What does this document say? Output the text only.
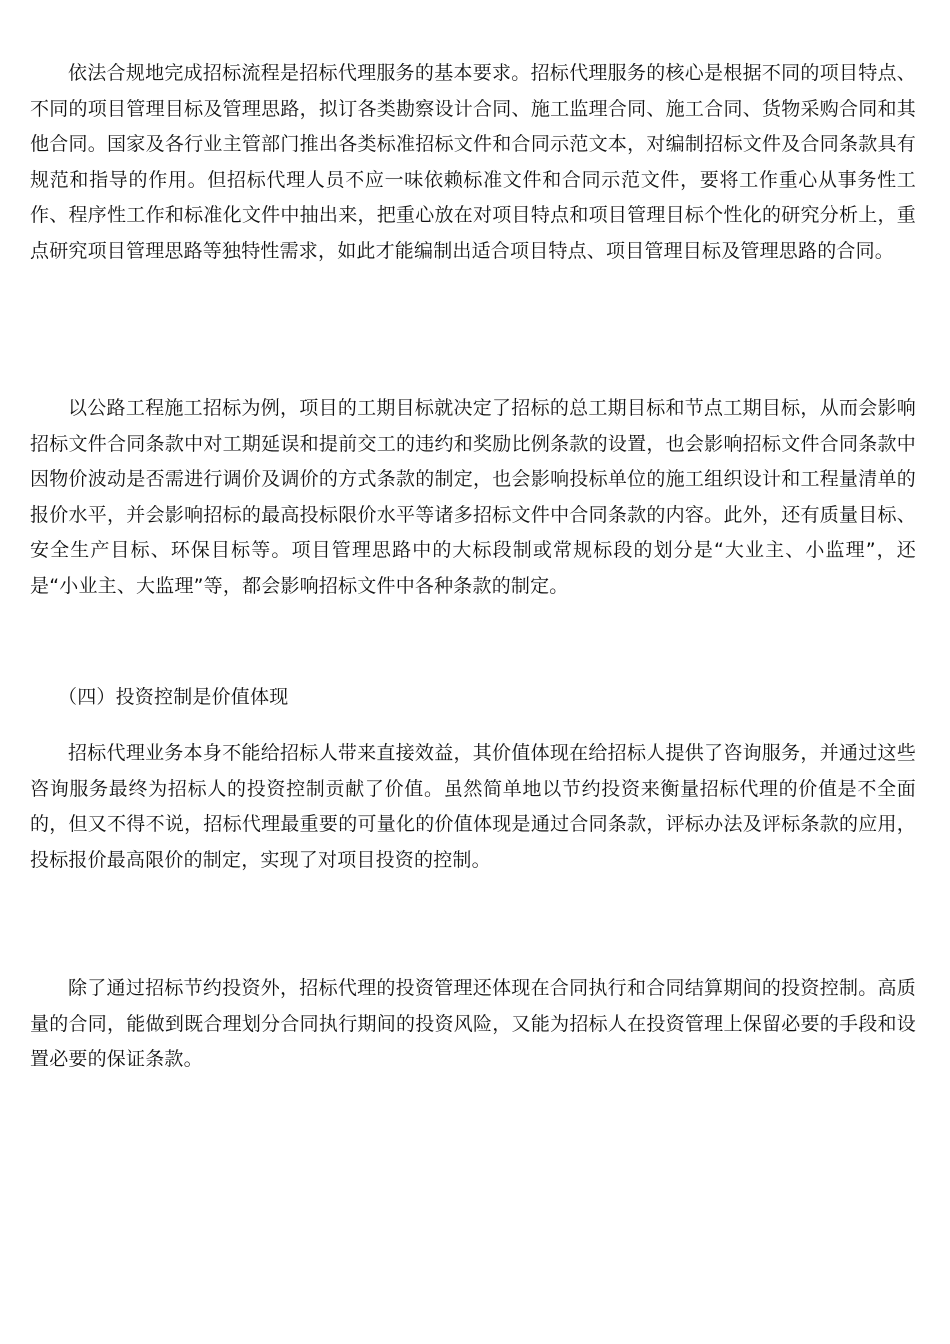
依法合规地完成招标流程是招标代理服务的基本要求。招标代理服务的核心是根据不同的项目特点、不同的项目管理目标及管理思路，拟订各类勘察设计合同、施工监理合同、施工合同、货物采购合同和其他合同。国家及各行业主管部门推出各类标准招标文件和合同示范文本，对编制招标文件及合同条款具有规范和指导的作用。但招标代理人员不应一味依赖标准文件和合同示范文件，要将工作重心从事务性工作、程序性工作和标准化文件中抽出来，把重心放在对项目特点和项目管理目标个性化的研究分析上，重点研究项目管理思路等独特性需求，如此才能编制出适合项目特点、项目管理目标及管理思路的合同。

以公路工程施工招标为例，项目的工期目标就决定了招标的总工期目标和节点工期目标，从而会影响招标文件合同条款中对工期延误和提前交工的违约和奖励比例条款的设置，也会影响招标文件合同条款中因物价波动是否需进行调价及调价的方式条款的制定，也会影响投标单位的施工组织设计和工程量清单的报价水平，并会影响招标的最高投标限价水平等诸多招标文件中合同条款的内容。此外，还有质量目标、安全生产目标、环保目标等。项目管理思路中的大标段制或常规标段的划分是“大业主、小监理”，还是“小业主、大监理”等，都会影响招标文件中各种条款的制定。

（四）投资控制是价值体现

招标代理业务本身不能给招标人带来直接效益，其价值体现在给招标人提供了咨询服务，并通过这些咨询服务最终为招标人的投资控制贡献了价值。虽然简单地以节约投资来衡量招标代理的价值是不全面的，但又不得不说，招标代理最重要的可量化的价值体现是通过合同条款，评标办法及评标条款的应用，投标报价最高限价的制定，实现了对项目投资的控制。

除了通过招标节约投资外，招标代理的投资管理还体现在合同执行和合同结算期间的投资控制。高质量的合同，能做到既合理划分合同执行期间的投资风险，又能为招标人在投资管理上保留必要的手段和设置必要的保证条款。
